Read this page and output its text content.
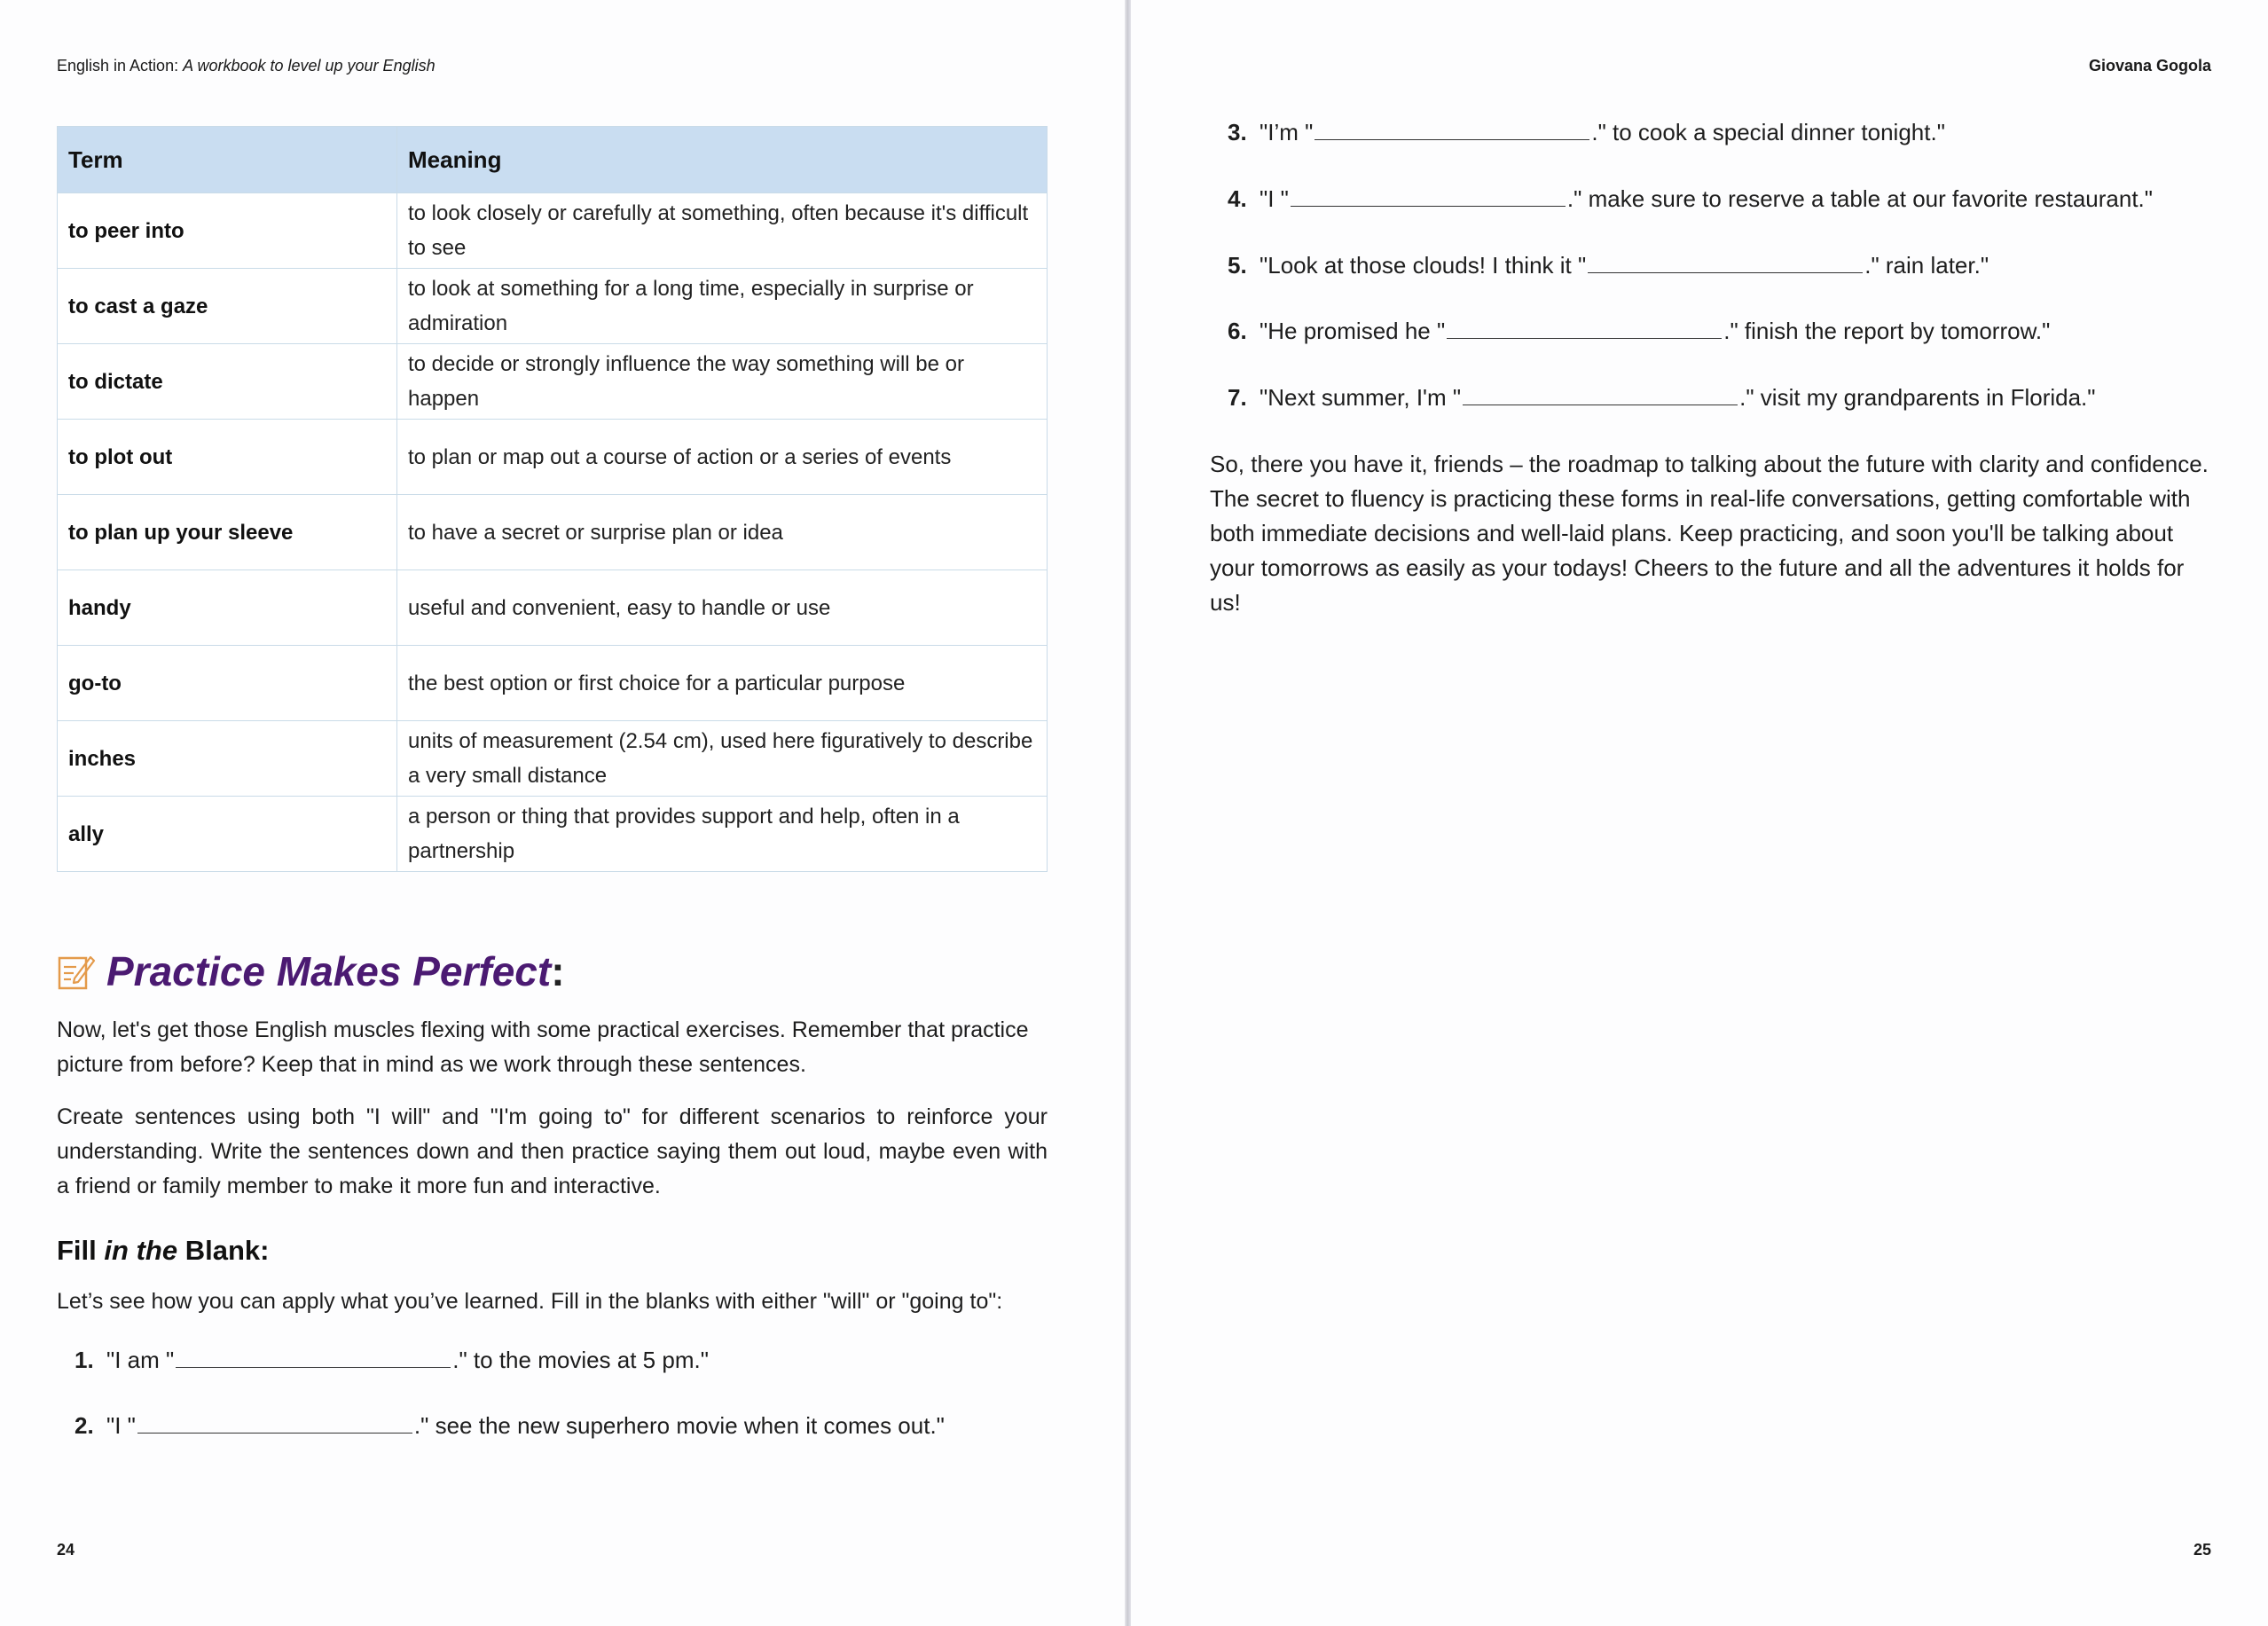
English in Action: A workbook to level up your English	Giovana Gogola
Term	Meaning
to peer into	to look closely or carefully at something, often because it's difficult to see
to cast a gaze	to look at something for a long time, especially in surprise or admiration
to dictate	to decide or strongly influence the way something will be or happen
to plot out	to plan or map out a course of action or a series of events
to plan up your sleeve	to have a secret or surprise plan or idea
handy	useful and convenient, easy to handle or use
go-to	the best option or first choice for a particular purpose
inches	units of measurement (2.54 cm), used here figuratively to describe a very small distance
ally	a person or thing that provides support and help, often in a partnership
Practice Makes Perfect :

Now, let's get those English muscles flexing with some practical exercises. Remember that practice picture from before? Keep that in mind as we work through these sentences.

Create sentences using both "I will" and "I'm going to" for different scenarios to reinforce your understanding. Write the sentences down and then practice saying them out loud, maybe even with a friend or family member to make it more fun and interactive.

Fill in the Blank:

Let’s see how you can apply what you’ve learned. Fill in the blanks with either "will" or "going to":

1. "I am "	." to the movies at 5 pm."
2. "I "	." see the new superhero movie when it comes out."
3. "I’m "	." to cook a special dinner tonight."
4. "I "	." make sure to reserve a table at our favorite restaurant."
5. "Look at those clouds! I think it "	." rain later."
6. "He promised he "	." finish the report by tomorrow."
7. "Next summer, I'm "	." visit my grandparents in Florida."

So, there you have it, friends – the roadmap to talking about the future with clarity and confidence. The secret to fluency is practicing these forms in real-life conversations, getting comfortable with both immediate decisions and well-laid plans. Keep practicing, and soon you'll be talking about your tomorrows as easily as your todays! Cheers to the future and all the adventures it holds for us!

24	25
